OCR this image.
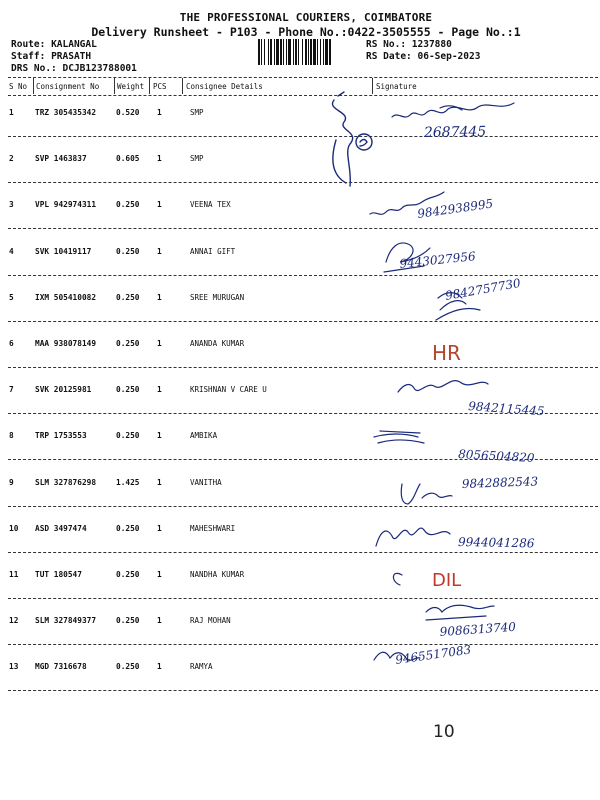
THE PROFESSIONAL COURIERS, COIMBATORE
Delivery Runsheet - P103 - Phone No.:0422-3505555 - Page No.:1
Route: KALANGAL
Staff: PRASATH
DRS No.: DCJB123788001
RS No.: 1237880
RS Date: 06-Sep-2023
S No Consignment No Weight PCS	Consignee Details	Signature
1	TRZ 305435342	0.520 1	SMP
2	SVP 1463837	0.605 1	SMP
3	VPL 942974311	0.250 1	VEENA TEX
4	SVK 10419117	0.250 1	ANNAI GIFT
5	IXM 505410082	0.250 1	SREE MURUGAN
6	MAA 938078149	0.250 1	ANANDA KUMAR
7	SVK 20125981	0.250 1	KRISHNAN V CARE U
8	TRP 1753553	0.250 1	AMBIKA
9	SLM 327876298	1.425 1	VANITHA
10 ASD 3497474	0.250 1	MAHESHWARI
11 TUT 180547	0.250 1	NANDHA KUMAR
12 SLM 327849377	0.250 1	RAJ MOHAN
13 MGD 7316678	0.250 1	RAMYA
2687445
9842938995
9443027956
9842757730
9842115445
8056504820
9842882543
9944041286
9086313740
9465517083
HR
DIL
10
